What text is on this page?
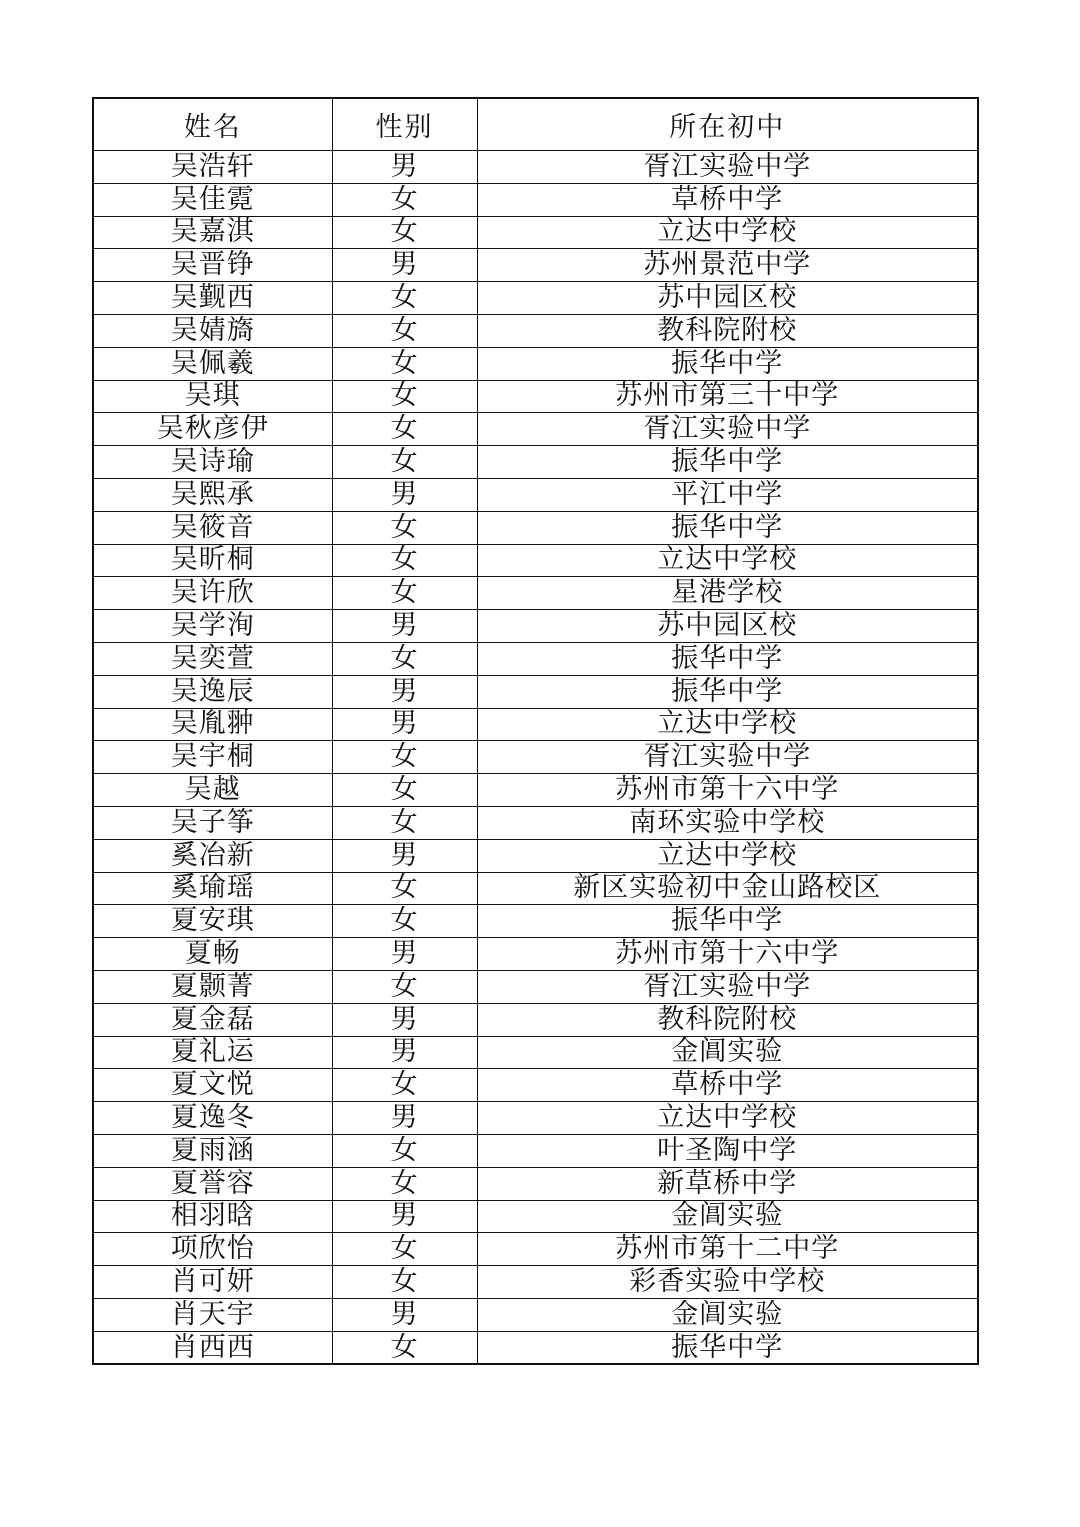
姓名	性别	所在初中
吴浩轩	男	胥江实验中学
吴佳霓	女	草桥中学
吴嘉淇	女	立达中学校
吴晋铮	男	苏州景范中学
吴觐西	女	苏中园区校
吴婧旖	女	教科院附校
吴佩羲	女	振华中学
吴琪	女	苏州市第三十中学
吴秋彦伊	女	胥江实验中学
吴诗瑜	女	振华中学
吴熙承	男	平江中学
吴筱音	女	振华中学
吴昕桐	女	立达中学校
吴许欣	女	星港学校
吴学洵	男	苏中园区校
吴奕萱	女	振华中学
吴逸辰	男	振华中学
吴胤翀	男	立达中学校
吴宇桐	女	胥江实验中学
吴越	女	苏州市第十六中学
吴子筝	女	南环实验中学校
奚冶新	男	立达中学校
奚瑜瑶	女	新区实验初中金山路校区
夏安琪	女	振华中学
夏畅	男	苏州市第十六中学
夏颢菁	女	胥江实验中学
夏金磊	男	教科院附校
夏礼运	男	金阊实验
夏文悦	女	草桥中学
夏逸冬	男	立达中学校
夏雨涵	女	叶圣陶中学
夏誉容	女	新草桥中学
相羽晗	男	金阊实验
项欣怡	女	苏州市第十二中学
肖可妍	女	彩香实验中学校
肖天宇	男	金阊实验
肖西西	女	振华中学
